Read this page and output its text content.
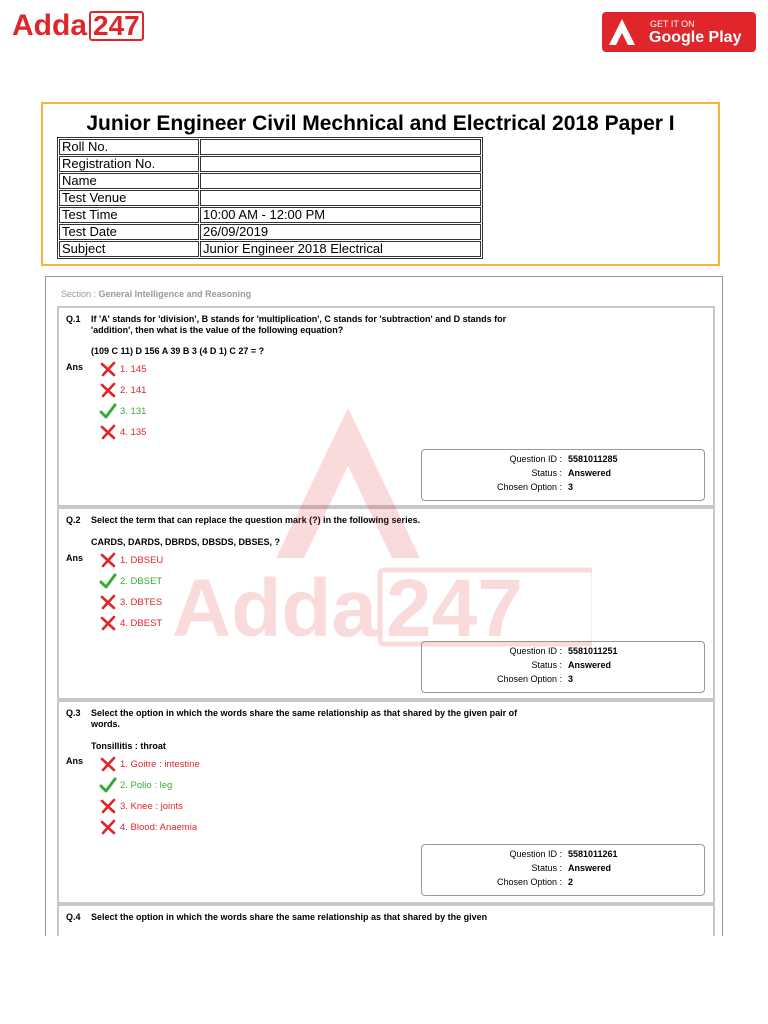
Adda 247	GET IT ON
Google Play
Junior Engineer Civil Mechnical and Electrical 2018 Paper I
Roll No.	
Registration No.	
Name	
Test Venue	
Test Time	10:00 AM - 12:00 PM
Test Date	26/09/2019
Subject	Junior Engineer 2018 Electrical
Section : General Intelligence and Reasoning
Q.1 If 'A' stands for 'division', B stands for 'multiplication', C stands for 'subtraction' and D stands for 'addition', then what is the value of the following equation?
(109 C 11) D 156 A 39 B 3 (4 D 1) C 27 = ?
Ans	1. 145
2. 141
3. 131
4. 135
Question ID : 5581011285
Status : Answered
Chosen Option : 3
Q.2 Select the term that can replace the question mark (?) in the following series.
CARDS, DARDS, DBRDS, DBSDS, DBSES, ?
Ans	1. DBSEU
2. DBSET
3. DBTES
4. DBEST
Question ID : 5581011251
Status : Answered
Chosen Option : 3
Q.3 Select the option in which the words share the same relationship as that shared by the given pair of words.
Tonsillitis : throat
Ans	1. Goitre : intestine
2. Polio : leg
3. Knee : joints
4. Blood: Anaemia
Question ID : 5581011261
Status : Answered
Chosen Option : 2
Q.4 Select the option in which the words share the same relationship as that shared by the given
Adda 247
